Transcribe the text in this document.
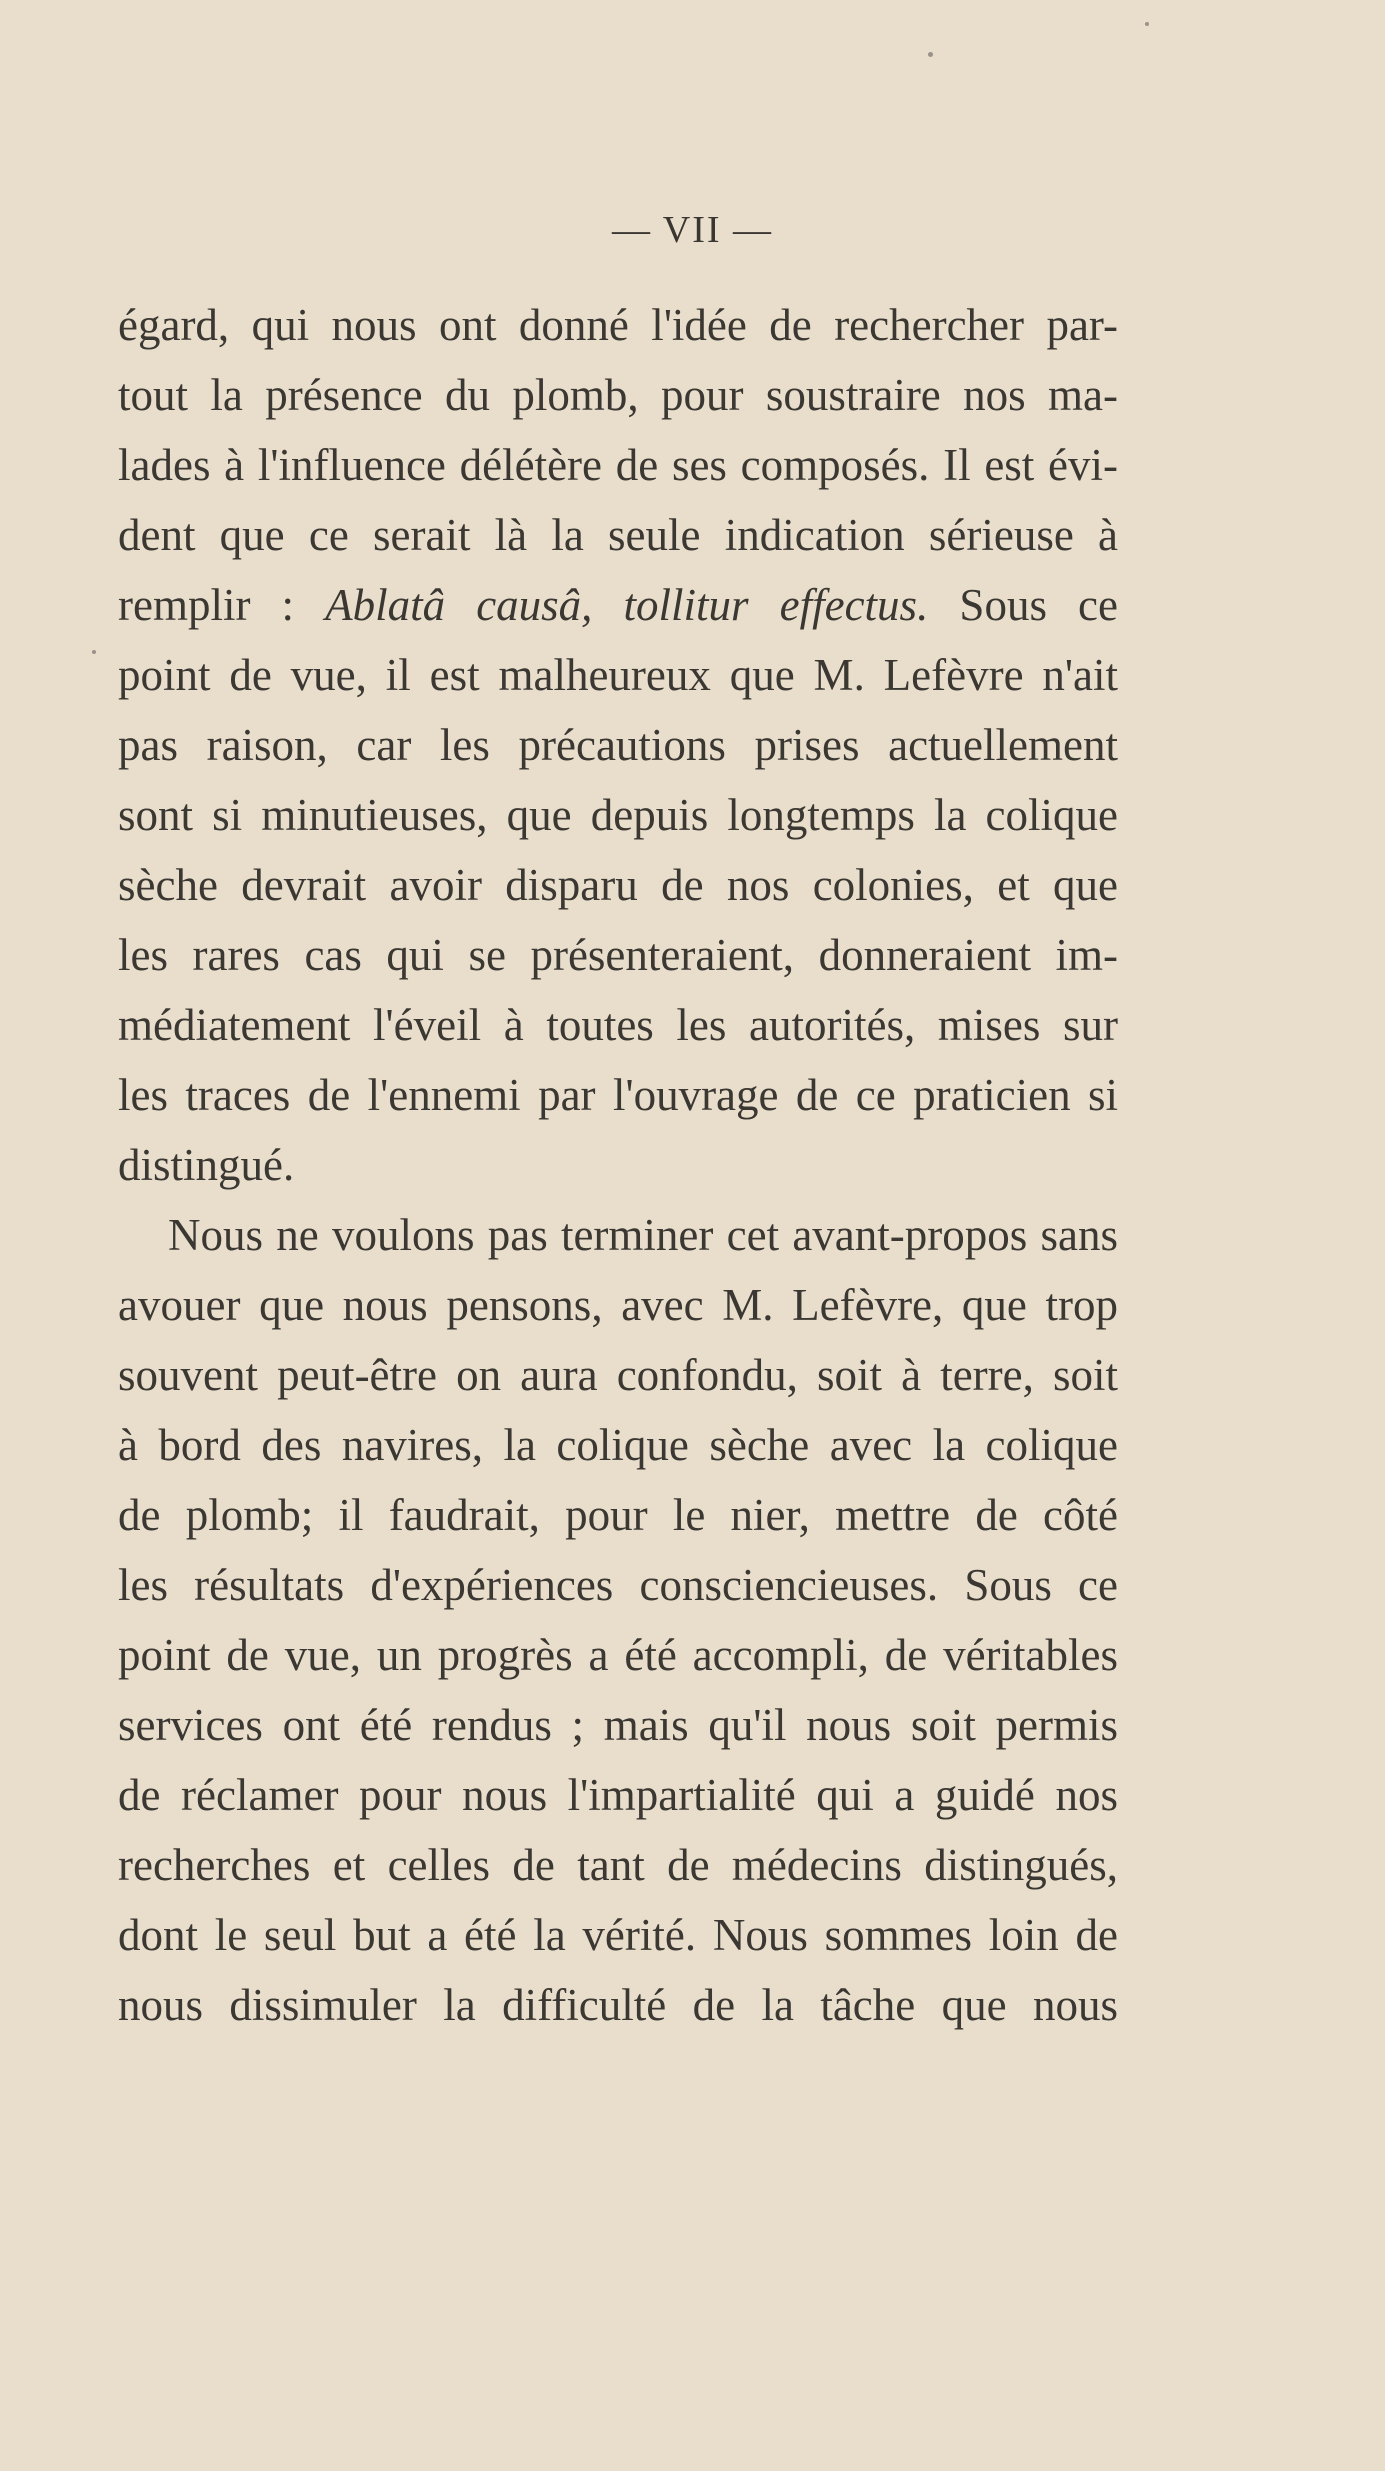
— VII —
égard, qui nous ont donné l'idée de rechercher par-
tout la présence du plomb, pour soustraire nos ma-
lades à l'influence délétère de ses composés. Il est évi-
dent que ce serait là la seule indication sérieuse à
remplir : Ablatâ causâ, tollitur effectus. Sous ce
point de vue, il est malheureux que M. Lefèvre n'ait
pas raison, car les précautions prises actuellement
sont si minutieuses, que depuis longtemps la colique
sèche devrait avoir disparu de nos colonies, et que
les rares cas qui se présenteraient, donneraient im-
médiatement l'éveil à toutes les autorités, mises sur
les traces de l'ennemi par l'ouvrage de ce praticien si
distingué.
Nous ne voulons pas terminer cet avant-propos sans
avouer que nous pensons, avec M. Lefèvre, que trop
souvent peut-être on aura confondu, soit à terre, soit
à bord des navires, la colique sèche avec la colique
de plomb; il faudrait, pour le nier, mettre de côté
les résultats d'expériences consciencieuses. Sous ce
point de vue, un progrès a été accompli, de véritables
services ont été rendus ; mais qu'il nous soit permis
de réclamer pour nous l'impartialité qui a guidé nos
recherches et celles de tant de médecins distingués,
dont le seul but a été la vérité. Nous sommes loin de
nous dissimuler la difficulté de la tâche que nous
